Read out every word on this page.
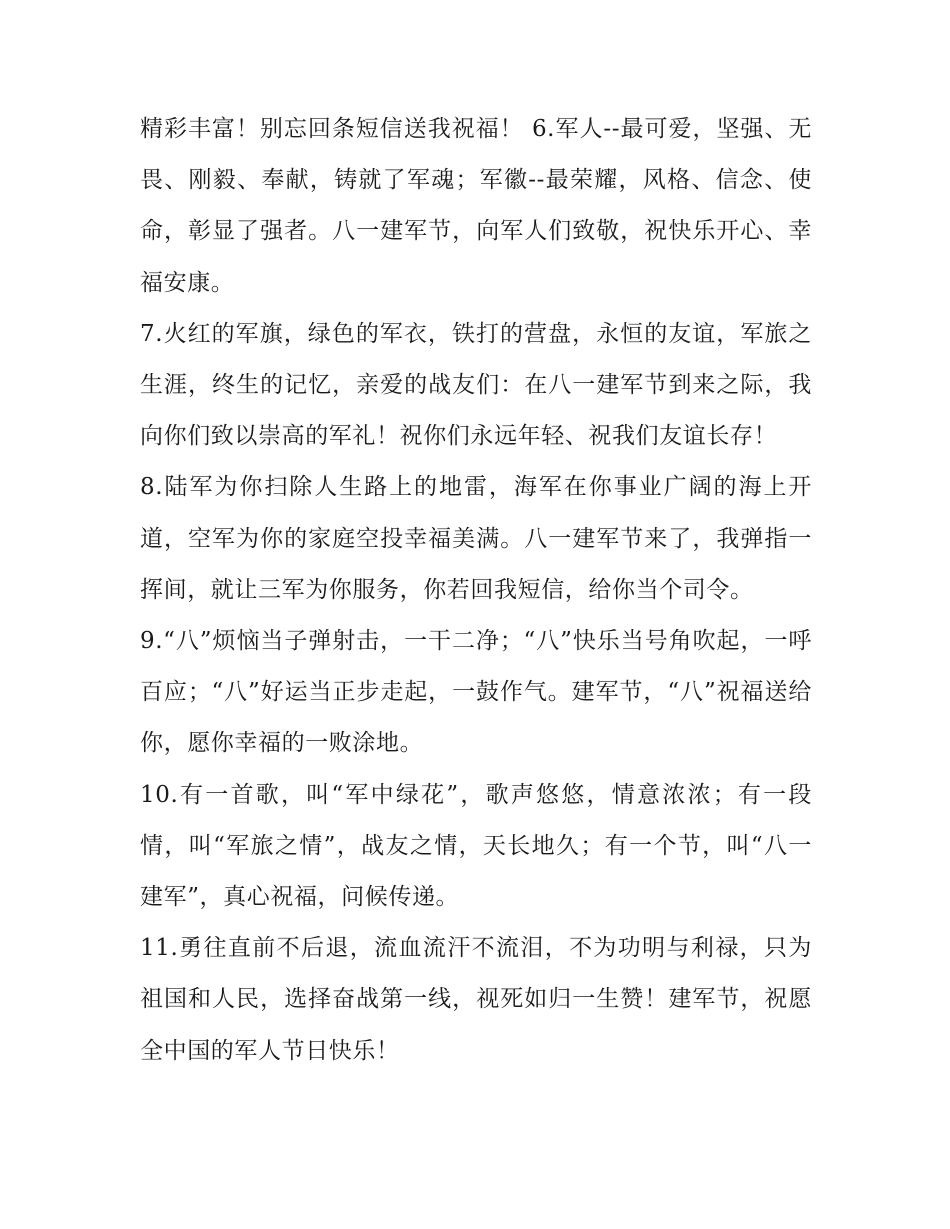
精彩丰富！别忘回条短信送我祝福！ 6.军人--最可爱，坚强、无畏、刚毅、奉献，铸就了军魂；军徽--最荣耀，风格、信念、使命，彰显了强者。八一建军节，向军人们致敬，祝快乐开心、幸福安康。

7.火红的军旗，绿色的军衣，铁打的营盘，永恒的友谊，军旅之生涯，终生的记忆，亲爱的战友们：在八一建军节到来之际，我向你们致以崇高的军礼！祝你们永远年轻、祝我们友谊长存！

8.陆军为你扫除人生路上的地雷，海军在你事业广阔的海上开道，空军为你的家庭空投幸福美满。八一建军节来了，我弹指一挥间，就让三军为你服务，你若回我短信，给你当个司令。

9.“八”烦恼当子弹射击，一干二净；“八”快乐当号角吹起，一呼百应；“八”好运当正步走起，一鼓作气。建军节，“八”祝福送给你，愿你幸福的一败涂地。

10.有一首歌，叫“军中绿花”，歌声悠悠，情意浓浓；有一段情，叫“军旅之情”，战友之情，天长地久；有一个节，叫“八一建军”，真心祝福，问候传递。

11.勇往直前不后退，流血流汗不流泪，不为功明与利禄，只为祖国和人民，选择奋战第一线，视死如归一生赞！建军节，祝愿全中国的军人节日快乐！
